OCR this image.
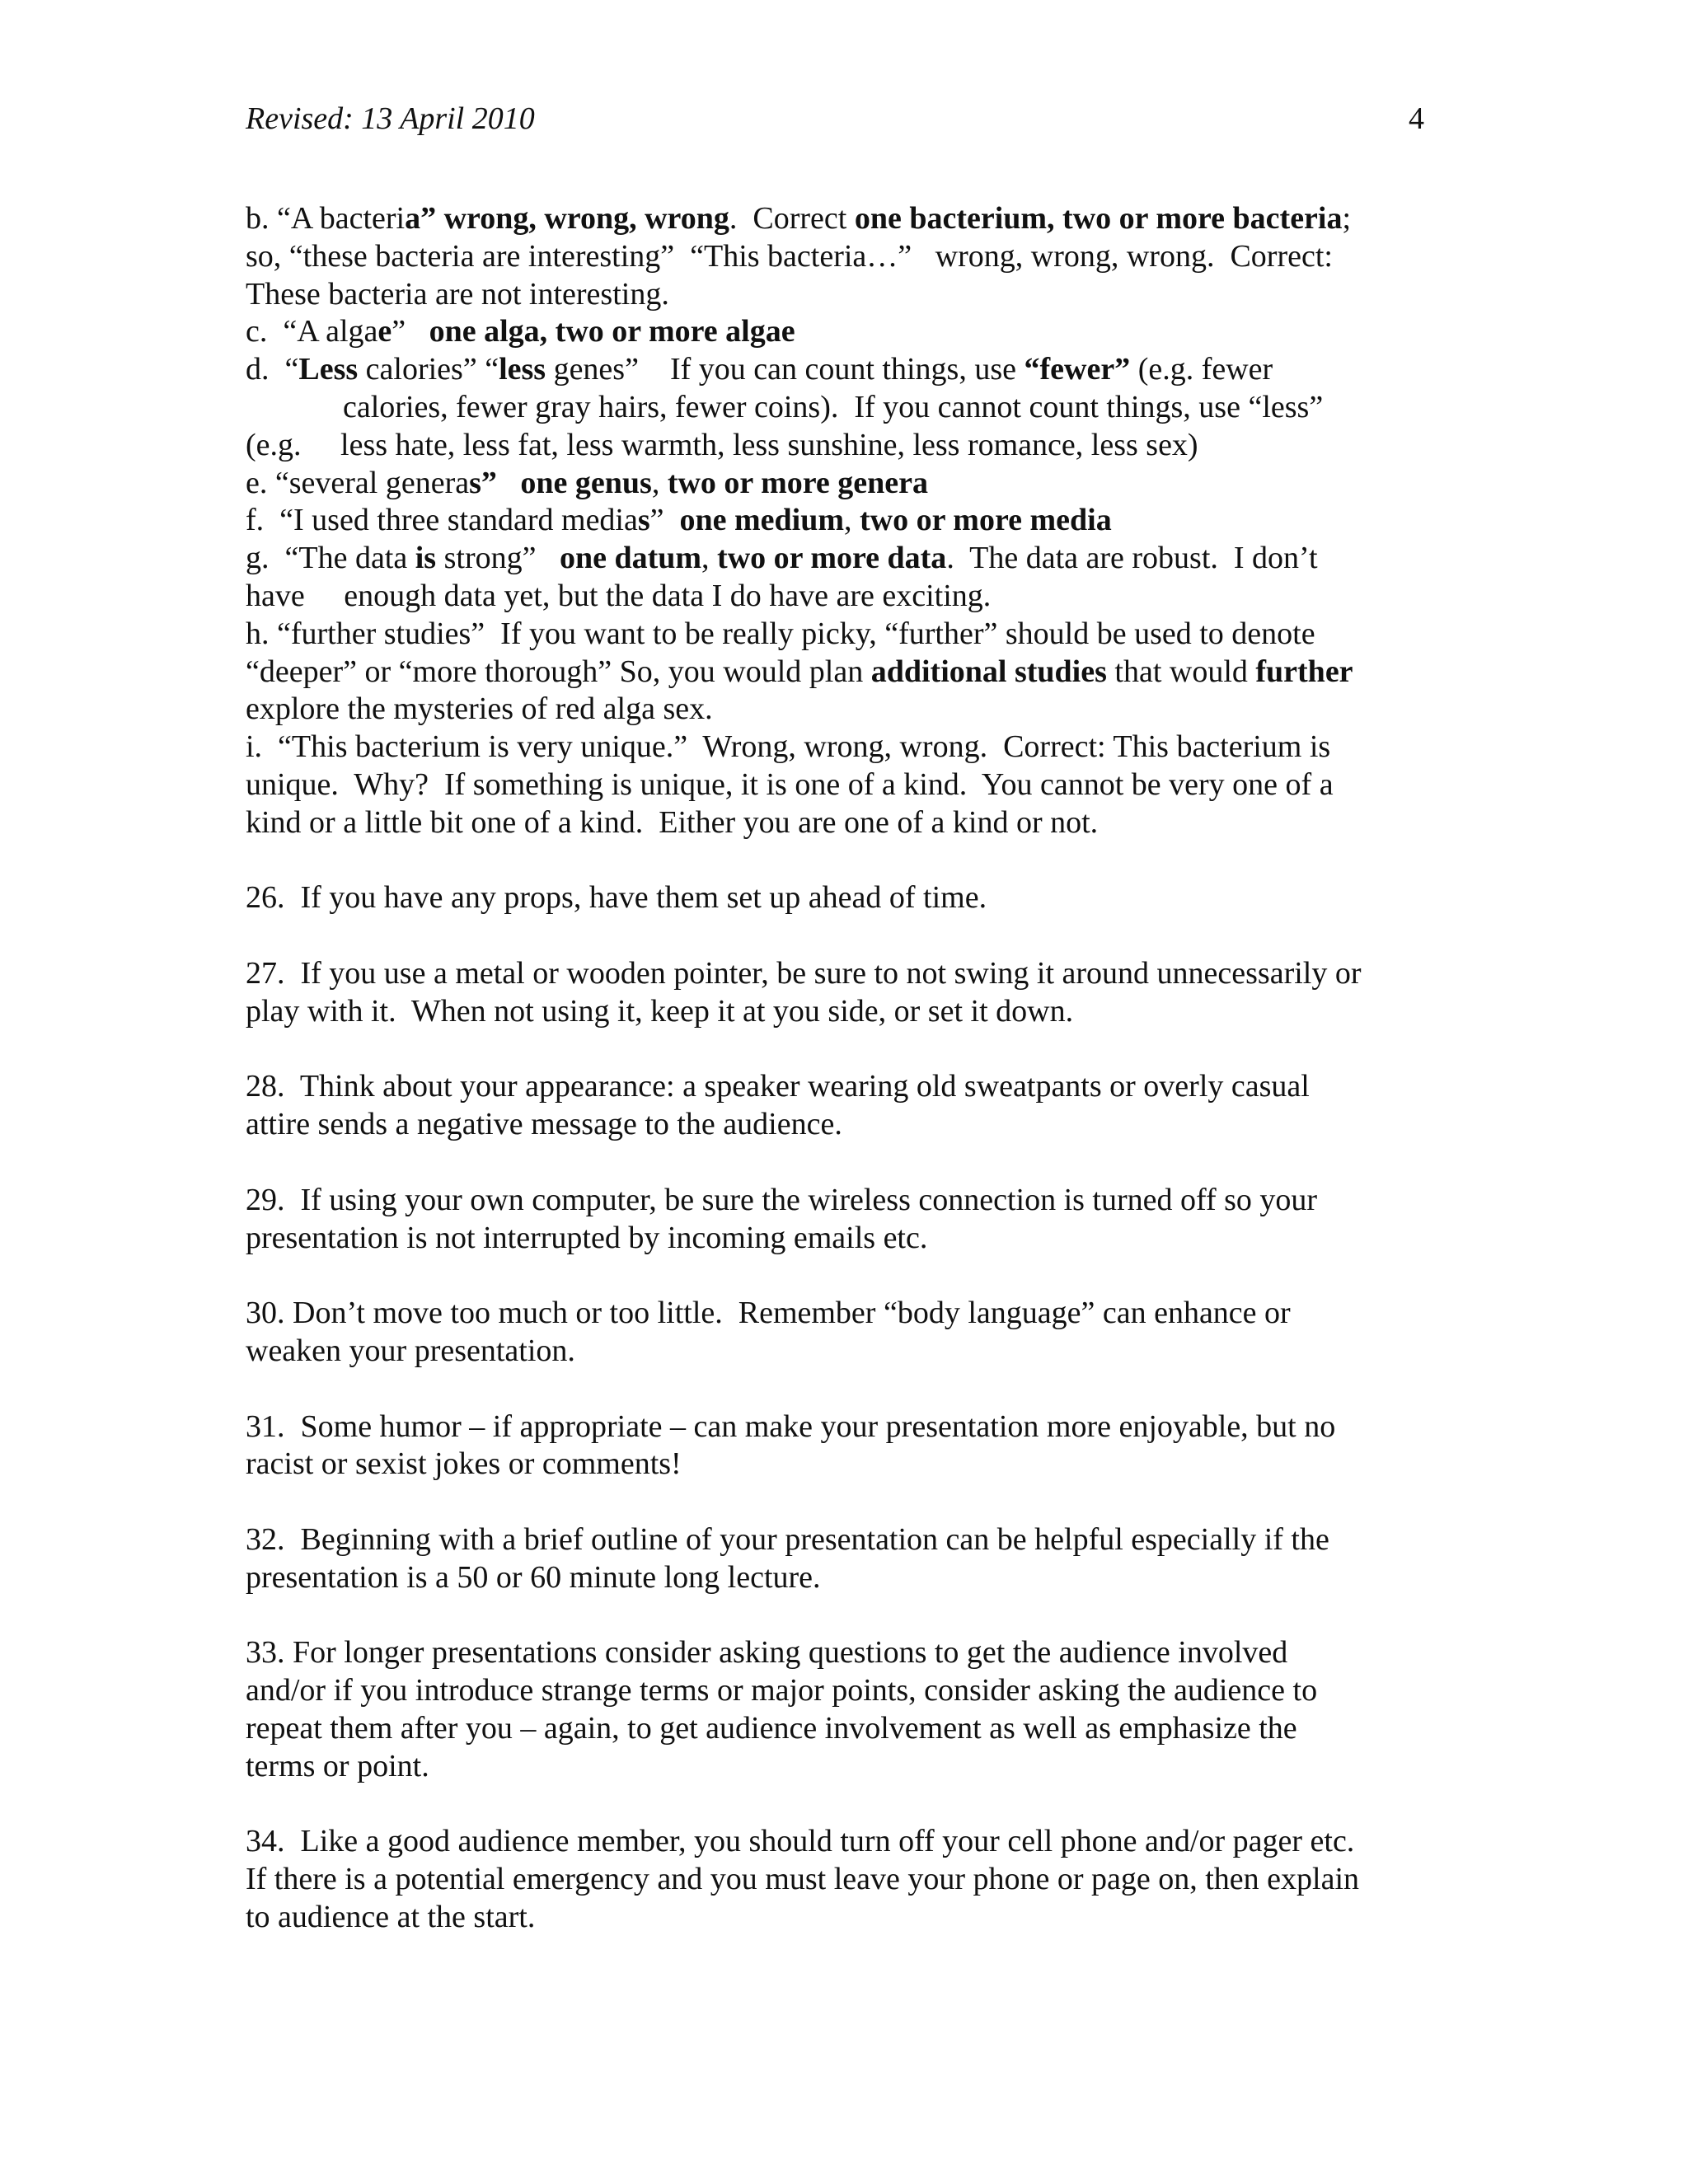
Revised: 13 April 2010	4
b. “A bacteria” wrong, wrong, wrong.  Correct one bacterium, two or more bacteria;
so, “these bacteria are interesting”  “This bacteria…”   wrong, wrong, wrong.  Correct:
These bacteria are not interesting.
c.  “A algae”   one alga, two or more algae
d.  “Less calories” “less genes”    If you can count things, use “fewer” (e.g. fewer
calories, fewer gray hairs, fewer coins).  If you cannot count things, use “less”
(e.g.     less hate, less fat, less warmth, less sunshine, less romance, less sex)
e. “several generas” one genus, two or more genera
f.  “I used three standard medias”  one medium, two or more media
g.  “The data is strong”   one datum, two or more data.  The data are robust.  I don’t
have     enough data yet, but the data I do have are exciting.
h. “further studies”  If you want to be really picky, “further” should be used to denote
“deeper” or “more thorough” So, you would plan additional studies that would further
explore the mysteries of red alga sex.
i.  “This bacterium is very unique.”  Wrong, wrong, wrong.  Correct: This bacterium is
unique.  Why?  If something is unique, it is one of a kind.  You cannot be very one of a
kind or a little bit one of a kind.  Either you are one of a kind or not.
26.  If you have any props, have them set up ahead of time.
27.  If you use a metal or wooden pointer, be sure to not swing it around unnecessarily or
play with it.  When not using it, keep it at you side, or set it down.
28.  Think about your appearance: a speaker wearing old sweatpants or overly casual
attire sends a negative message to the audience.
29.  If using your own computer, be sure the wireless connection is turned off so your
presentation is not interrupted by incoming emails etc.
30. Don’t move too much or too little.  Remember “body language” can enhance or
weaken your presentation.
31.  Some humor – if appropriate – can make your presentation more enjoyable, but no
racist or sexist jokes or comments!
32.  Beginning with a brief outline of your presentation can be helpful especially if the
presentation is a 50 or 60 minute long lecture.
33. For longer presentations consider asking questions to get the audience involved
and/or if you introduce strange terms or major points, consider asking the audience to
repeat them after you – again, to get audience involvement as well as emphasize the
terms or point.
34.  Like a good audience member, you should turn off your cell phone and/or pager etc.
If there is a potential emergency and you must leave your phone or page on, then explain
to audience at the start.
